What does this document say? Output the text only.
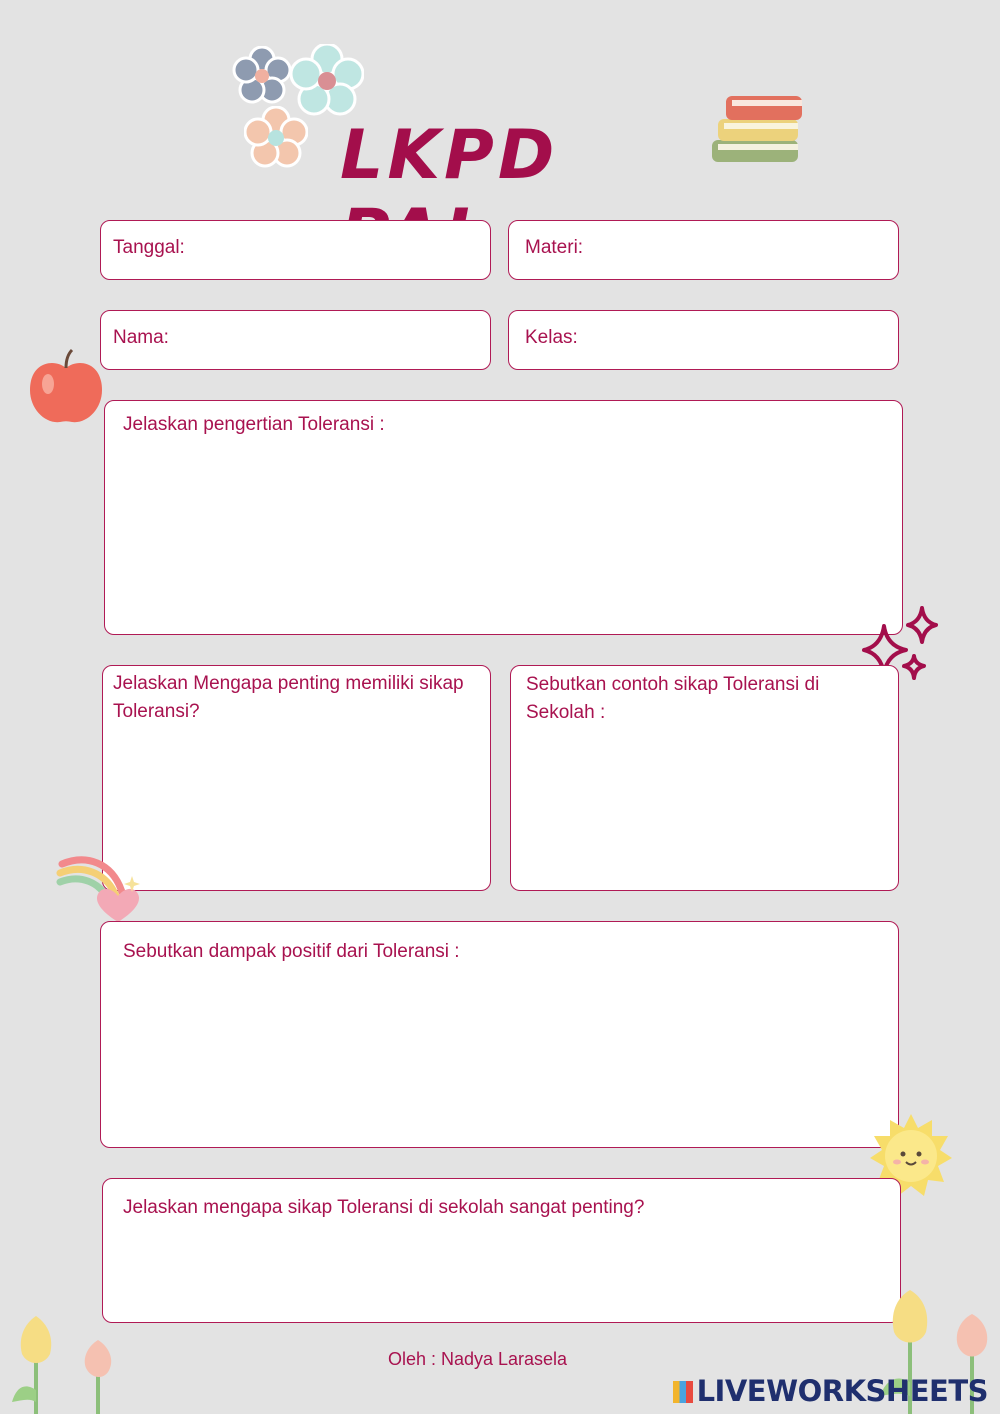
LKPD
Tanggal:	Materi:
Nama:	Kelas:
Jelaskan pengertian Toleransi :
Jelaskan Mengapa penting memiliki sikap Toleransi?
Sebutkan contoh sikap Toleransi di Sekolah :
Sebutkan dampak positif dari Toleransi :
Jelaskan mengapa sikap Toleransi di sekolah sangat penting?
Oleh : Nadya Larasela
LIVEWORKSHEETS
